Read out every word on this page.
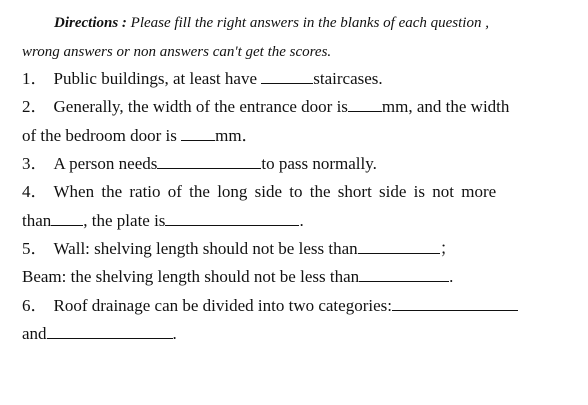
Directions : Please fill the right answers in the blanks of each question ,
wrong answers or non answers can't get the scores.
1． Public buildings, at least have	staircases.
2． Generally, the width of the entrance door is mm, and the width
of the bedroom door is mm．
3． A person needs	to pass normally.
4． When the ratio of the long side to the short side is not more
than , the plate is	.
5． Wall: shelving length should not be less than	；
Beam: the shelving length should not be less than	.
6． Roof drainage can be divided into two categories:
and	.
